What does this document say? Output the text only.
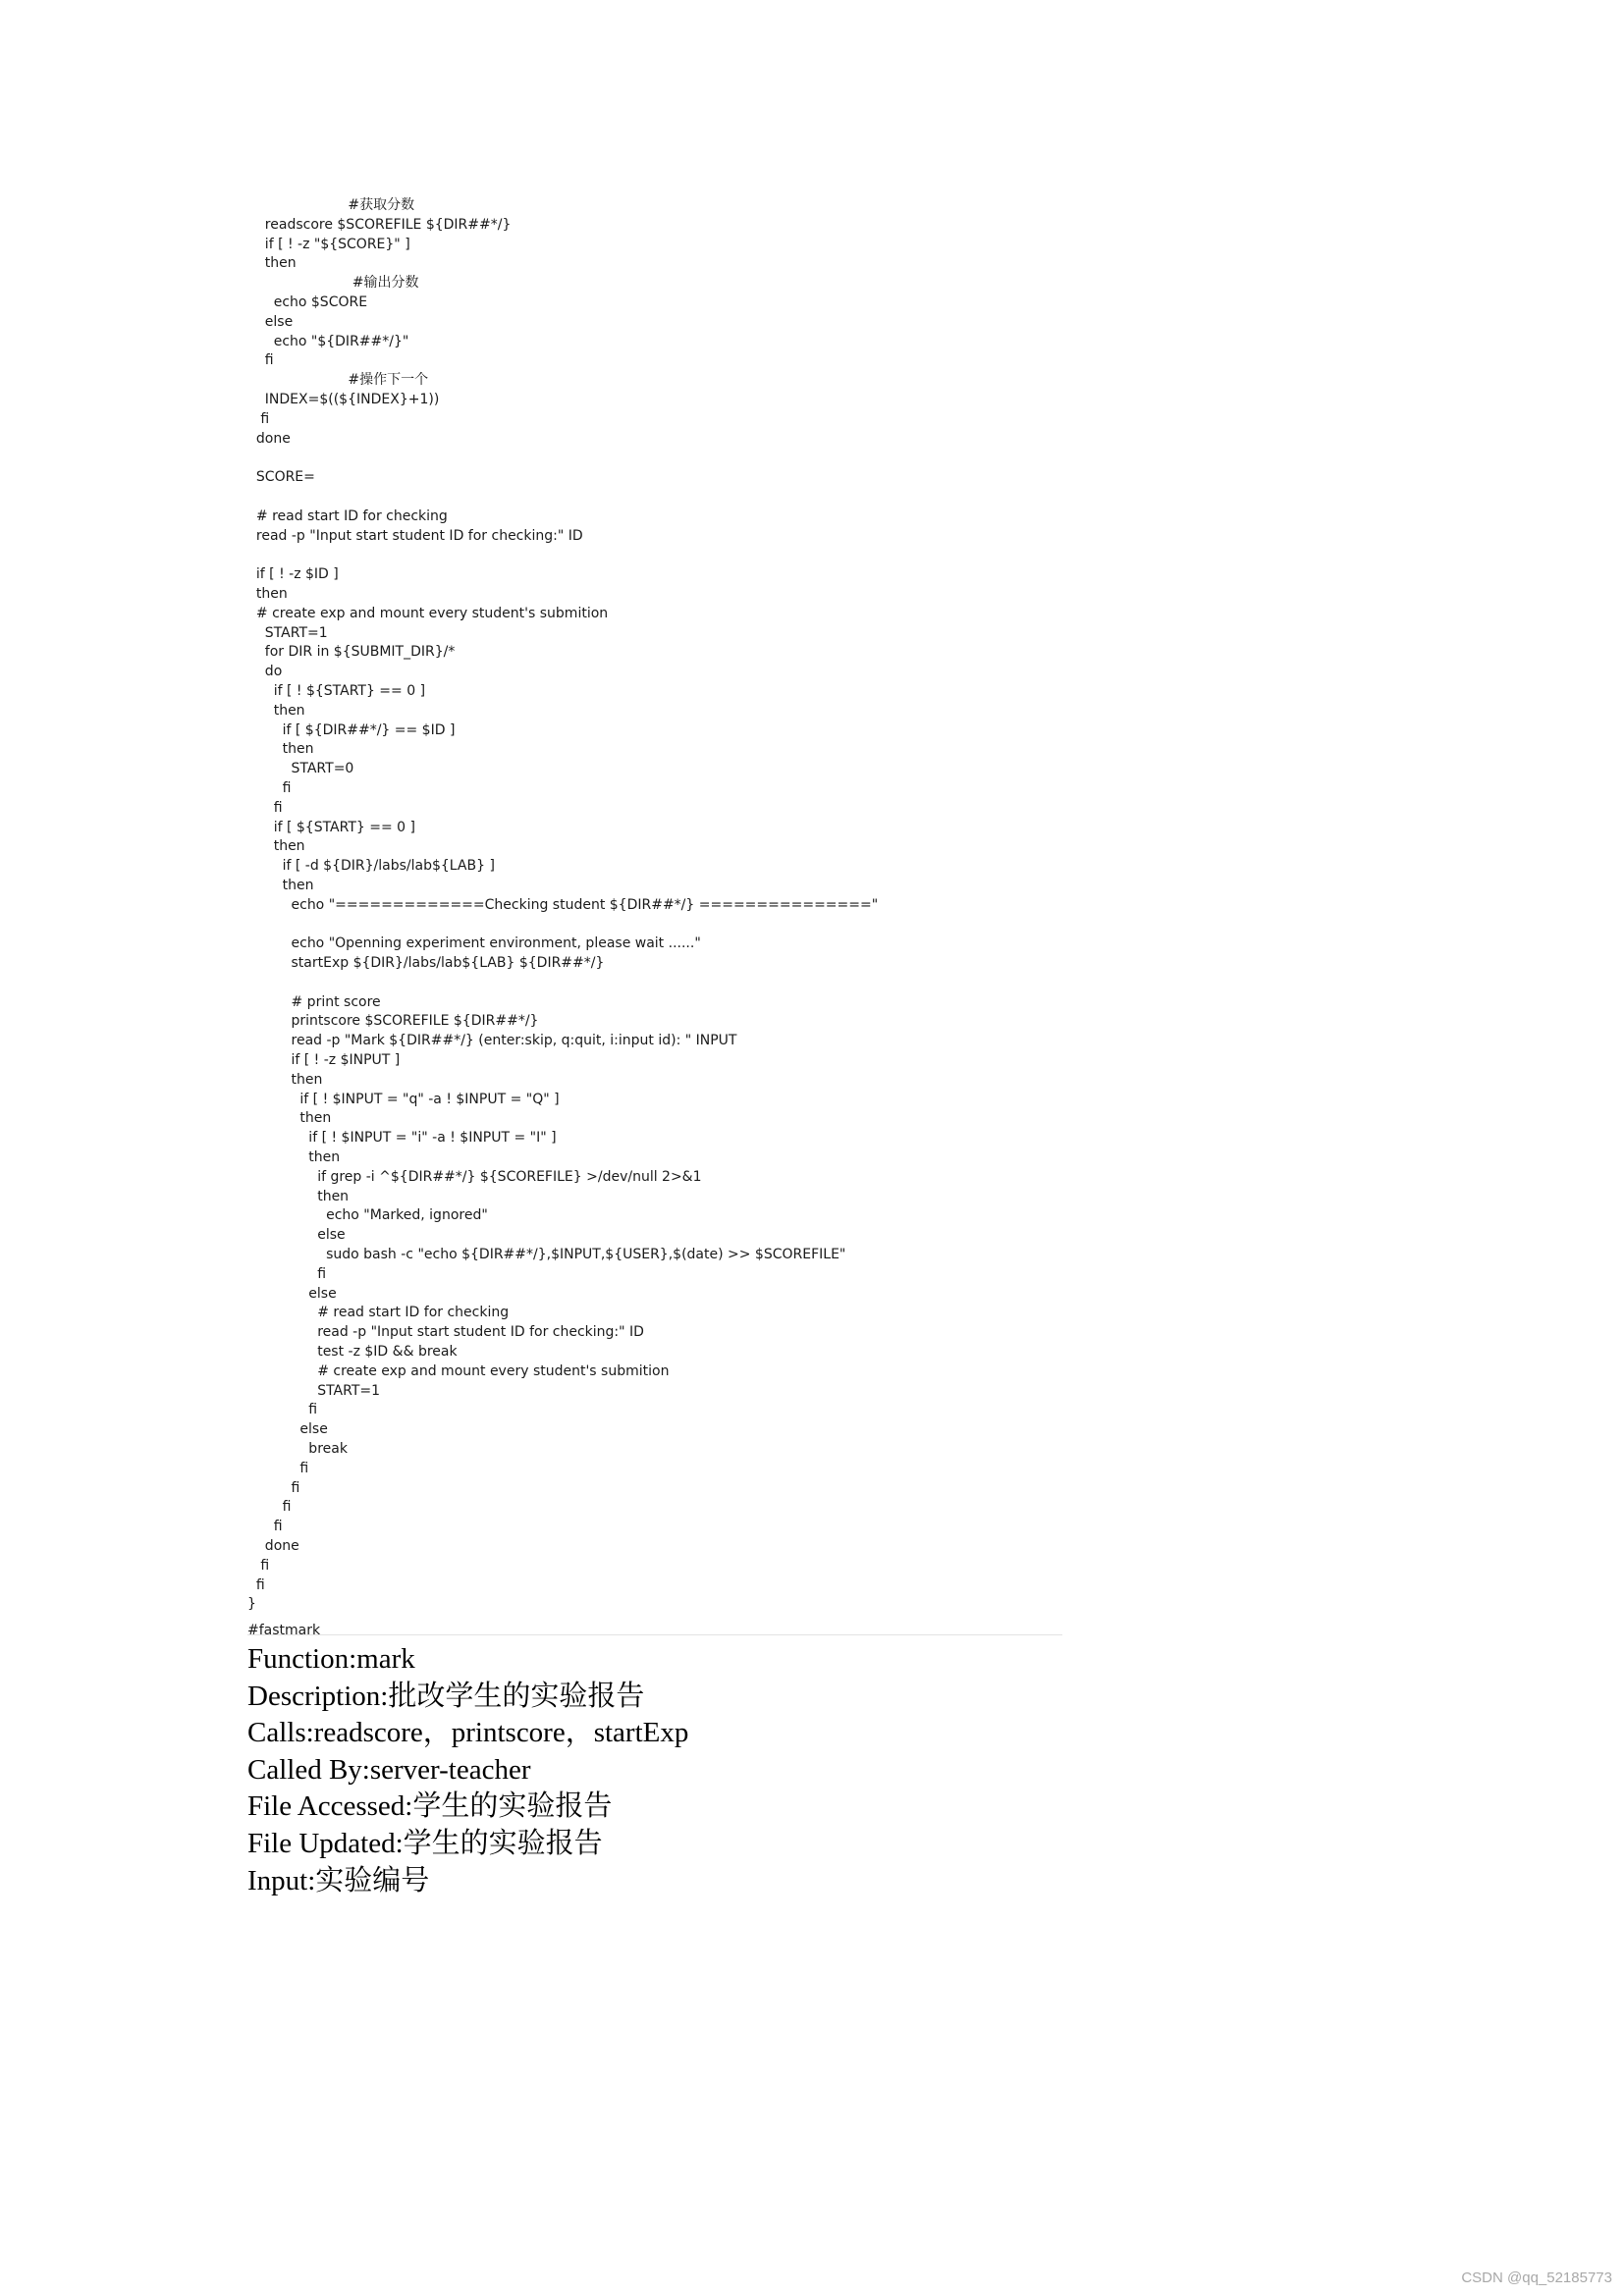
#获取分数
readscore $SCOREFILE ${DIR##*/}
if [ ! -z "${SCORE}" ]
then
#输出分数
echo $SCORE
else
echo "${DIR##*/}"
fi
#操作下一个
INDEX=$((${INDEX}+1))
fi
done
SCORE=
# read start ID for checking
read -p "Input start student ID for checking:" ID
if [ ! -z $ID ]
then
# create exp and mount every student's submition
START=1
for DIR in ${SUBMIT_DIR}/*
do
if [ ! ${START} == 0 ]
then
if [ ${DIR##*/} == $ID ]
then
START=0
fi
fi
if [ ${START} == 0 ]
then
if [ -d ${DIR}/labs/lab${LAB} ]
then
echo "=============Checking student ${DIR##*/} ==============="
echo "Openning experiment environment, please wait ......"
startExp ${DIR}/labs/lab${LAB} ${DIR##*/}
# print score
printscore $SCOREFILE ${DIR##*/}
read -p "Mark ${DIR##*/} (enter:skip, q:quit, i:input id): " INPUT
if [ ! -z $INPUT ]
then
if [ ! $INPUT = "q" -a ! $INPUT = "Q" ]
then
if [ ! $INPUT = "i" -a ! $INPUT = "I" ]
then
if grep -i ^${DIR##*/} ${SCOREFILE} >/dev/null 2>&1
then
echo "Marked, ignored"
else
sudo bash -c "echo ${DIR##*/},$INPUT,${USER},$(date) >> $SCOREFILE"
fi
else
# read start ID for checking
read -p "Input start student ID for checking:" ID
test -z $ID && break
# create exp and mount every student's submition
START=1
fi
else
break
fi
fi
fi
fi
done
fi
fi
}
#fastmark
Function:mark
Description:批改学生的实验报告
Calls:readscore，printscore，startExp
Called By:server-teacher
File Accessed:学生的实验报告
File Updated:学生的实验报告
Input:实验编号
CSDN @qq_52185773
